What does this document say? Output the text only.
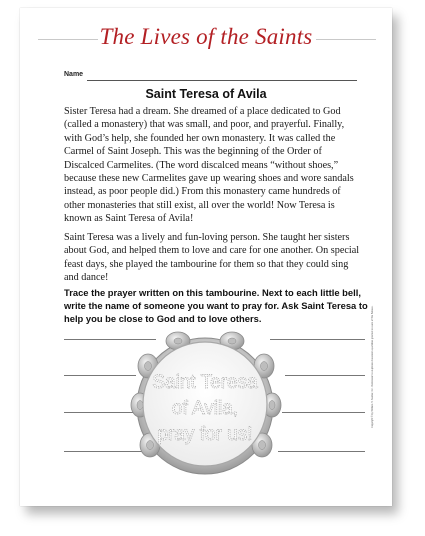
The Lives of the Saints
Name
Saint Teresa of Avila

Sister Teresa had a dream. She dreamed of a place dedicated to God (called a monastery) that was small, and poor, and prayerful. Finally, with God’s help, she founded her own monastery. It was called the Carmel of Saint Joseph. This was the beginning of the Order of Discalced Carmelites. (The word discalced means “without shoes,” because these new Carmelites gave up wearing shoes and wore sandals instead, as poor people did.) From this monastery came hundreds of other monasteries that still exist, all over the world! Now Teresa is known as Saint Teresa of Avila!

Saint Teresa was a lively and fun-loving person. She taught her sisters about God, and helped them to love and care for one another. On special feast days, she played the tambourine for them so that they could sing and dance!

Trace the prayer written on this tambourine. Next to each little bell, write the name of someone you want to pray for. Ask Saint Teresa to help you be close to God and to love others.

Saint Teresa
of Avila,
pray for us!
Copyright © by William H. Sadlier, Inc. Permission to duplicate classroom quantities granted to users of We Believe.
